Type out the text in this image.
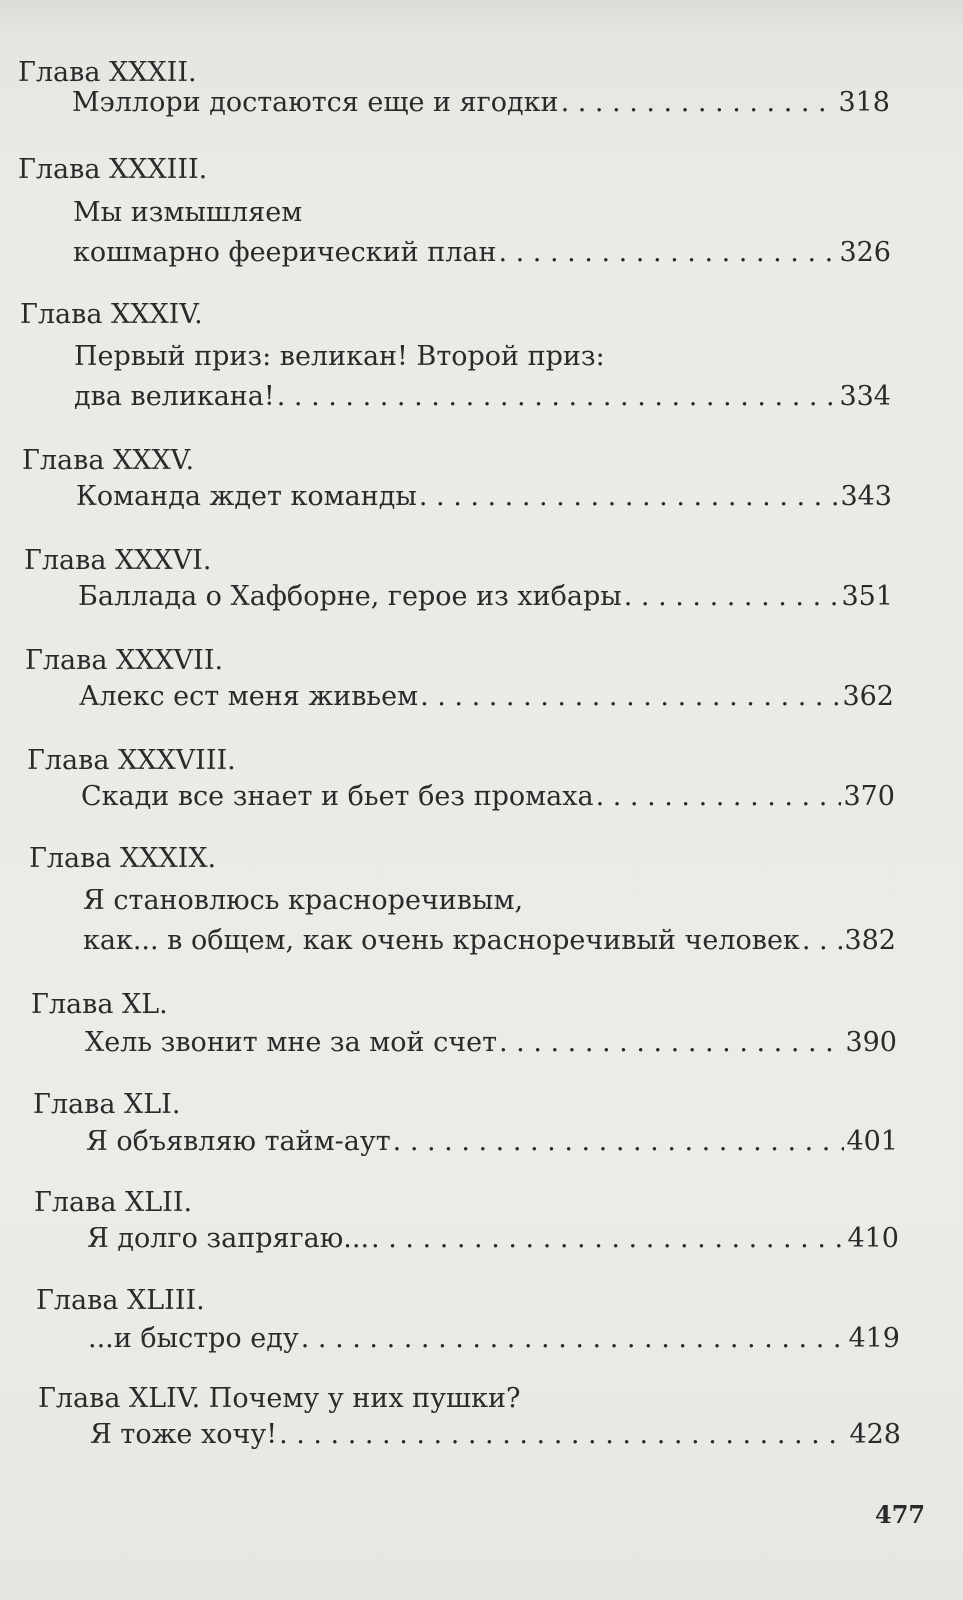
Глава XXXII.
Мэллори достаются еще и ягодки . . .	318
Глава XXXIII.
Мы измышляем
кошмарно феерический план . . .	326
Глава XXXIV.
Первый приз: великан! Второй приз:
два великана! . . .	334
Глава XXXV.
Команда ждет команды . . .	343
Глава XXXVI.
Баллада о Хафборне, герое из хибары . . .	351
Глава XXXVII.
Алекс ест меня живьем . . .	362
Глава XXXVIII.
Скади все знает и бьет без промаха . . .	370
Глава XXXIX.
Я становлюсь красноречивым,
как... в общем, как очень красноречивый человек . . . 382
Глава XL.
Хель звонит мне за мой счет . . .	390
Глава XLI.
Я объявляю тайм-аут . . .	401
Глава XLII.
Я долго запрягаю... . . .	410
Глава XLIII.
...и быстро еду . . .	419
Глава XLIV. Почему у них пушки?
Я тоже хочу! . . .	428
477
